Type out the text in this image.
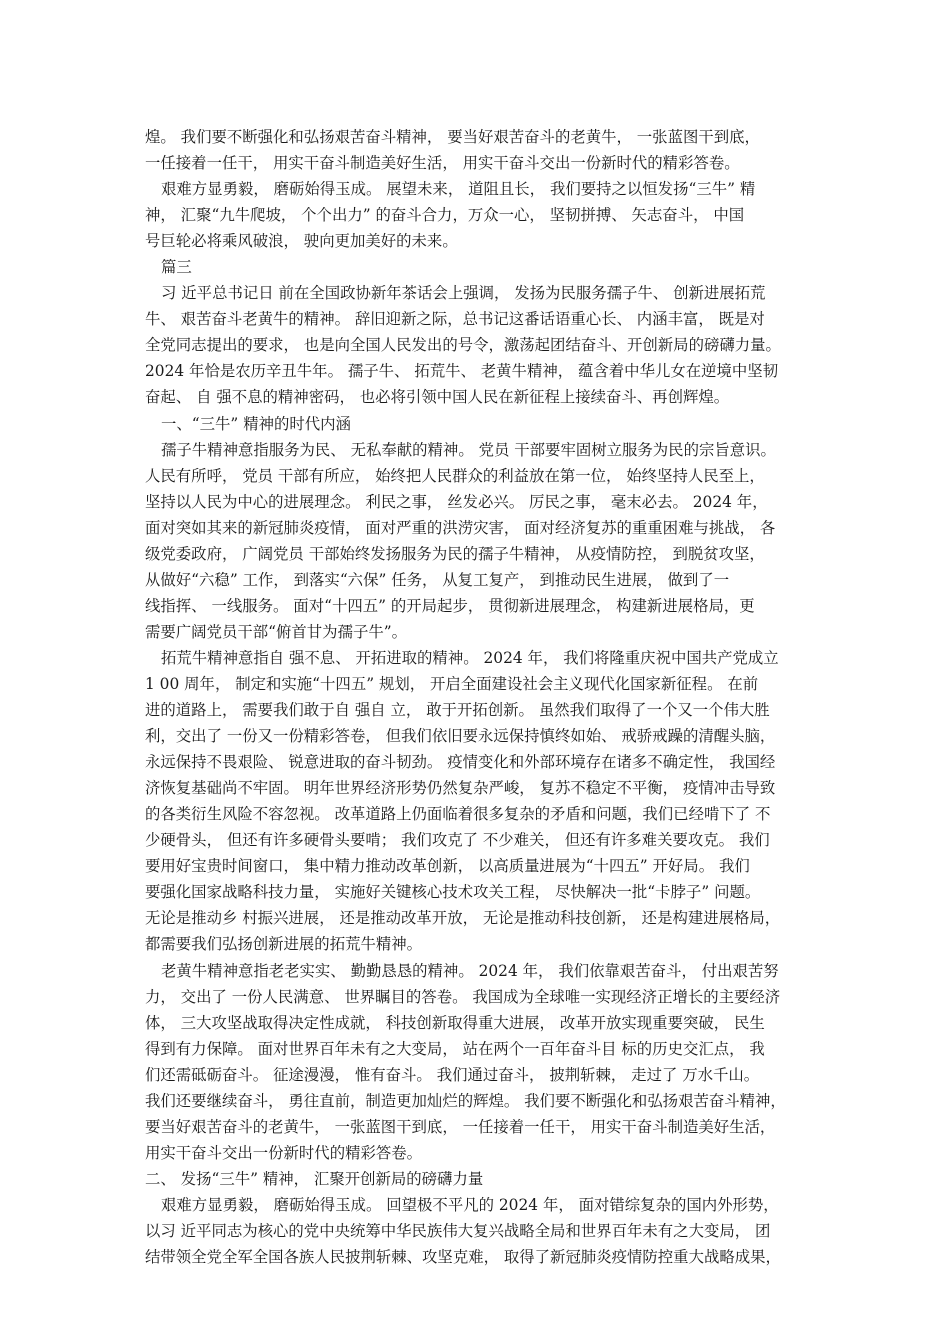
煌。 我们要不断强化和弘扬艰苦奋斗精神， 要当好艰苦奋斗的老黄牛， 一张蓝图干到底，
一任接着一任干， 用实干奋斗制造美好生活， 用实干奋斗交出一份新时代的精彩答卷。
艰难方显勇毅， 磨砺始得玉成。 展望未来， 道阻且长， 我们要持之以恒发扬“三牛” 精
神， 汇聚“九牛爬坡， 个个出力” 的奋斗合力，万众一心， 坚韧拼搏、 矢志奋斗， 中国
号巨轮必将乘风破浪， 驶向更加美好的未来。
篇三
习 近平总书记日 前在全国政协新年茶话会上强调， 发扬为民服务孺子牛、 创新进展拓荒
牛、 艰苦奋斗老黄牛的精神。 辞旧迎新之际，总书记这番话语重心长、 内涵丰富， 既是对
全党同志提出的要求， 也是向全国人民发出的号令，激荡起团结奋斗、开创新局的磅礴力量。
2024 年恰是农历辛丑牛年。 孺子牛、 拓荒牛、 老黄牛精神， 蕴含着中华儿女在逆境中坚韧
奋起、 自 强不息的精神密码， 也必将引领中国人民在新征程上接续奋斗、再创辉煌。
一、“三牛” 精神的时代内涵
孺子牛精神意指服务为民、 无私奉献的精神。 党员 干部要牢固树立服务为民的宗旨意识。
人民有所呼， 党员 干部有所应， 始终把人民群众的利益放在第一位， 始终坚持人民至上，
坚持以人民为中心的进展理念。 利民之事， 丝发必兴。 厉民之事， 毫末必去。 2024 年，
面对突如其来的新冠肺炎疫情， 面对严重的洪涝灾害， 面对经济复苏的重重困难与挑战， 各
级党委政府， 广阔党员 干部始终发扬服务为民的孺子牛精神， 从疫情防控， 到脱贫攻坚，
从做好“六稳” 工作， 到落实“六保” 任务， 从复工复产， 到推动民生进展， 做到了一
线指挥、 一线服务。 面对“十四五” 的开局起步， 贯彻新进展理念， 构建新进展格局，更
需要广阔党员干部“俯首甘为孺子牛”。
拓荒牛精神意指自 强不息、 开拓进取的精神。 2024 年， 我们将隆重庆祝中国共产党成立
1 00 周年， 制定和实施“十四五” 规划， 开启全面建设社会主义现代化国家新征程。 在前
进的道路上， 需要我们敢于自 强自 立， 敢于开拓创新。 虽然我们取得了一个又一个伟大胜
利，交出了 一份又一份精彩答卷， 但我们依旧要永远保持慎终如始、 戒骄戒躁的清醒头脑，
永远保持不畏艰险、 锐意进取的奋斗韧劲。 疫情变化和外部环境存在诸多不确定性， 我国经
济恢复基础尚不牢固。 明年世界经济形势仍然复杂严峻， 复苏不稳定不平衡， 疫情冲击导致
的各类衍生风险不容忽视。 改革道路上仍面临着很多复杂的矛盾和问题，我们已经啃下了 不
少硬骨头， 但还有许多硬骨头要啃； 我们攻克了 不少难关， 但还有许多难关要攻克。 我们
要用好宝贵时间窗口， 集中精力推动改革创新， 以高质量进展为“十四五” 开好局。 我们
要强化国家战略科技力量， 实施好关键核心技术攻关工程， 尽快解决一批“卡脖子” 问题。
无论是推动乡 村振兴进展， 还是推动改革开放， 无论是推动科技创新， 还是构建进展格局，
都需要我们弘扬创新进展的拓荒牛精神。
老黄牛精神意指老老实实、 勤勤恳恳的精神。 2024 年， 我们依靠艰苦奋斗， 付出艰苦努
力， 交出了 一份人民满意、 世界瞩目的答卷。 我国成为全球唯一实现经济正增长的主要经济
体， 三大攻坚战取得决定性成就， 科技创新取得重大进展， 改革开放实现重要突破， 民生
得到有力保障。 面对世界百年未有之大变局， 站在两个一百年奋斗目 标的历史交汇点， 我
们还需砥砺奋斗。 征途漫漫， 惟有奋斗。 我们通过奋斗， 披荆斩棘， 走过了 万水千山。
我们还要继续奋斗， 勇往直前，制造更加灿烂的辉煌。 我们要不断强化和弘扬艰苦奋斗精神，
要当好艰苦奋斗的老黄牛， 一张蓝图干到底， 一任接着一任干， 用实干奋斗制造美好生活，
用实干奋斗交出一份新时代的精彩答卷。
二、 发扬“三牛” 精神， 汇聚开创新局的磅礴力量
艰难方显勇毅， 磨砺始得玉成。 回望极不平凡的 2024 年， 面对错综复杂的国内外形势，
以习 近平同志为核心的党中央统筹中华民族伟大复兴战略全局和世界百年未有之大变局， 团
结带领全党全军全国各族人民披荆斩棘、攻坚克难， 取得了新冠肺炎疫情防控重大战略成果，
